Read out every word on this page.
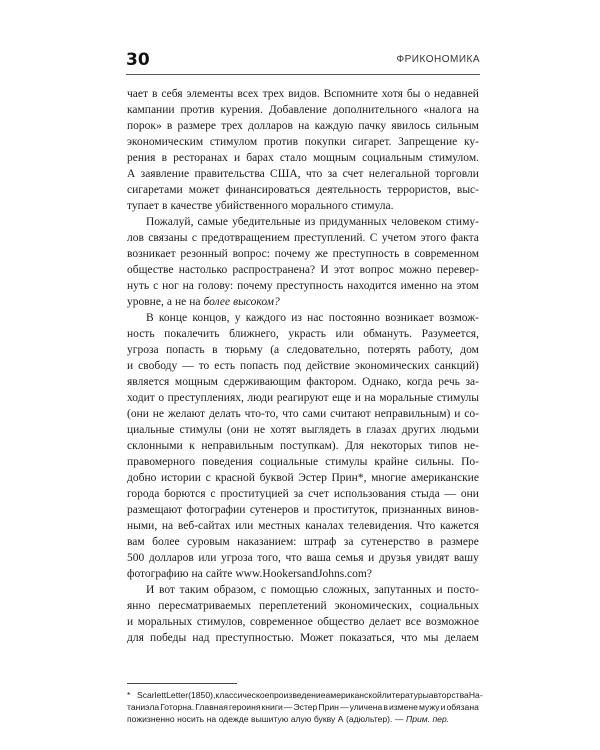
30	ФРИКОНОМИКА
чает в себя элементы всех трех видов. Вспомните хотя бы о недавней
кампании против курения. Добавление дополнительного «налога на
порок» в размере трех долларов на каждую пачку явилось сильным
экономическим стимулом против покупки сигарет. Запрещение ку-
рения в ресторанах и барах стало мощным социальным стимулом.
А заявление правительства США, что за счет нелегальной торговли
сигаретами может финансироваться деятельность террористов, выс-
тупает в качестве убийственного морального стимула.
Пожалуй, самые убедительные из придуманных человеком стиму-
лов связаны с предотвращением преступлений. С учетом этого факта
возникает резонный вопрос: почему же преступность в современном
обществе настолько распространена? И этот вопрос можно перевер-
нуть с ног на голову: почему преступность находится именно на этом
уровне, а не на более высоком?
В конце концов, у каждого из нас постоянно возникает возмож-
ность покалечить ближнего, украсть или обмануть. Разумеется,
угроза попасть в тюрьму (а следовательно, потерять работу, дом
и свободу — то есть попасть под действие экономических санкций)
является мощным сдерживающим фактором. Однако, когда речь за-
ходит о преступлениях, люди реагируют еще и на моральные стимулы
(они не желают делать что-то, что сами считают неправильным) и со-
циальные стимулы (они не хотят выглядеть в глазах других людьми
склонными к неправильным поступкам). Для некоторых типов не-
правомерного поведения социальные стимулы крайне сильны. По-
добно истории с красной буквой Эстер Прин*, многие американские
города борются с проституцией за счет использования стыда — они
размещают фотографии сутенеров и проституток, признанных винов-
ными, на веб-сайтах или местных каналах телевидения. Что кажется
вам более суровым наказанием: штраф за сутенерство в размере
500 долларов или угроза того, что ваша семья и друзья увидят вашу
фотографию на сайте www.HookersandJohns.com?
И вот таким образом, с помощью сложных, запутанных и посто-
янно пересматриваемых переплетений экономических, социальных
и моральных стимулов, современное общество делает все возможное
для победы над преступностью. Может показаться, что мы делаем
* Scarlett Letter (1850), классическое произведение американской литературы авторства На-
таниэла Готорна. Главная героиня книги — Эстер Прин — уличена в измене мужу и обязана
пожизненно носить на одежде вышитую алую букву А (адюльтер). — Прим. пер.
